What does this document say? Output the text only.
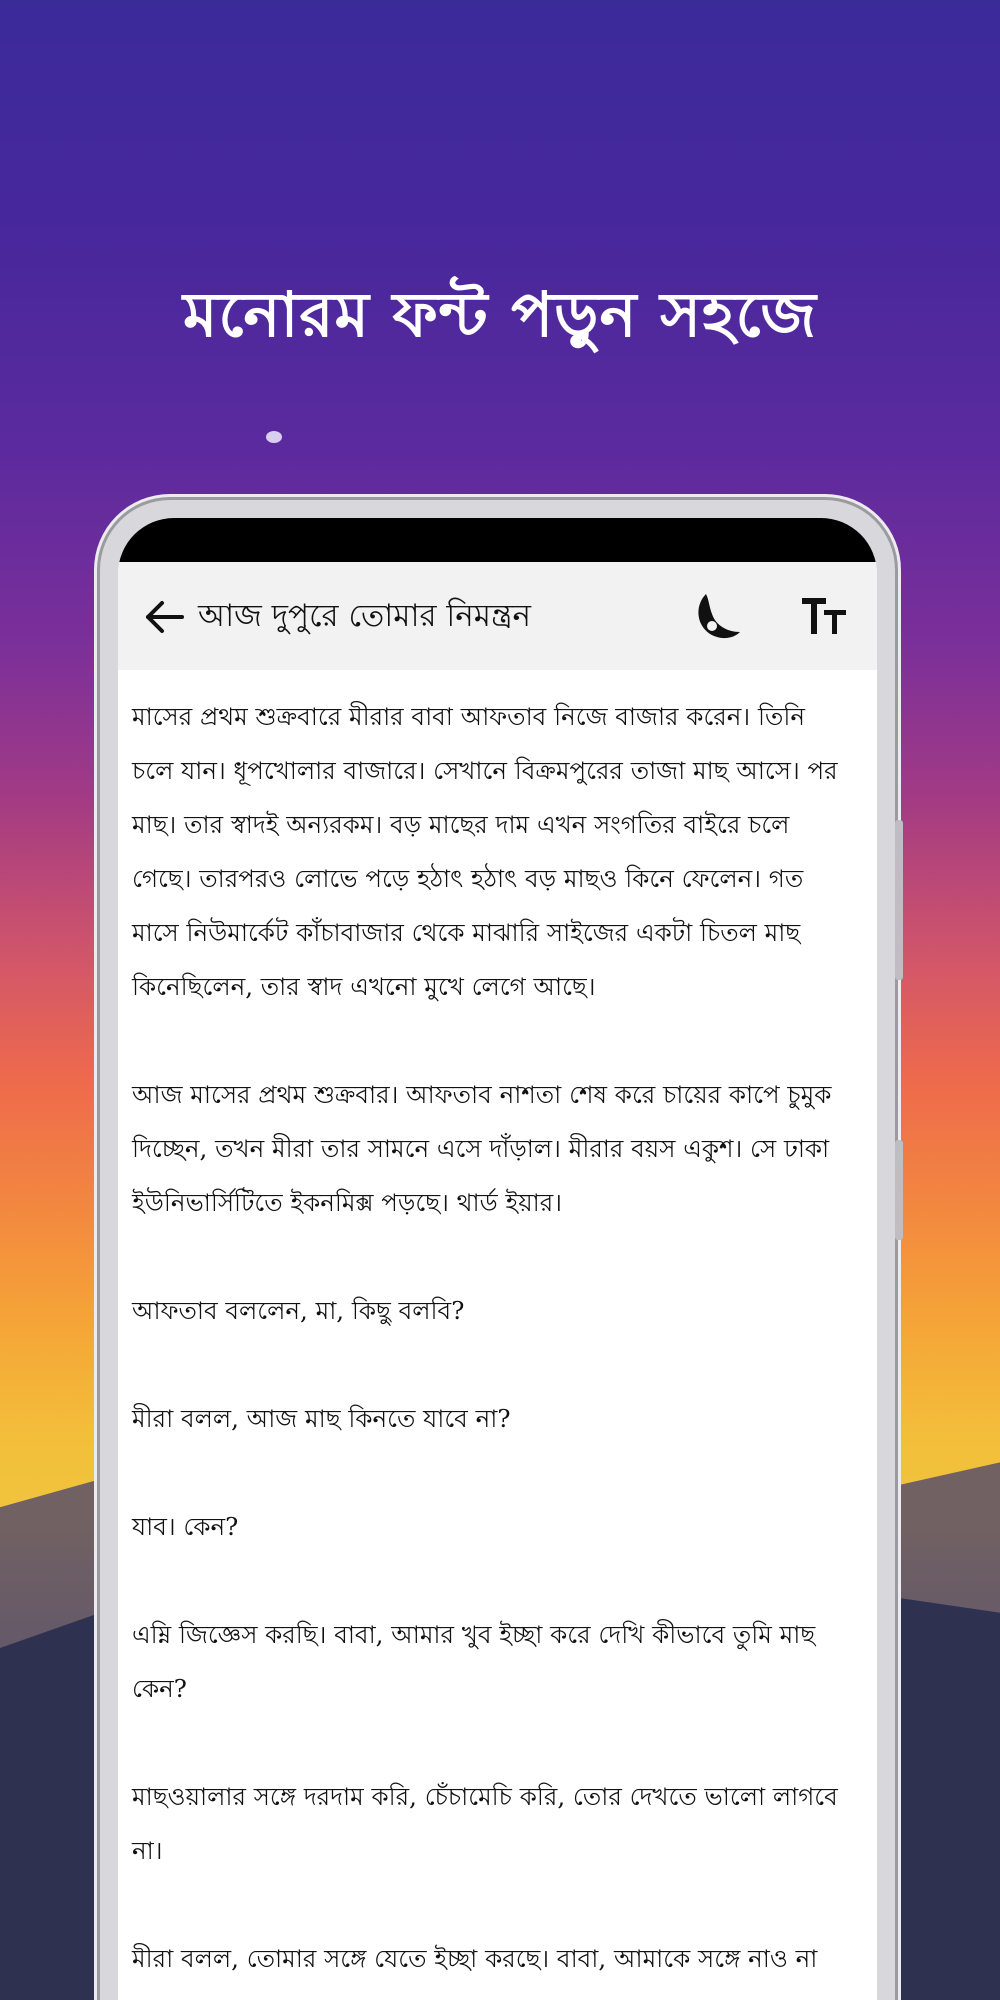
মনোরম ফন্ট পড়ুন সহজে
আজ দুপুরে তোমার নিমন্ত্রন

মাসের প্রথম শুক্রবারে মীরার বাবা আফতাব নিজে বাজার করেন। তিনি
চলে যান। ধূপখোলার বাজারে। সেখানে বিক্রমপুরের তাজা মাছ আসে। পর
মাছ। তার স্বাদই অন্যরকম। বড় মাছের দাম এখন সংগতির বাইরে চলে
গেছে। তারপরও লোভে পড়ে হঠাৎ হঠাৎ বড় মাছও কিনে ফেলেন। গত
মাসে নিউমার্কেট কাঁচাবাজার থেকে মাঝারি সাইজের একটা চিতল মাছ
কিনেছিলেন, তার স্বাদ এখনো মুখে লেগে আছে।

আজ মাসের প্রথম শুক্রবার। আফতাব নাশতা শেষ করে চায়ের কাপে চুমুক
দিচ্ছেন, তখন মীরা তার সামনে এসে দাঁড়াল। মীরার বয়স একুশ। সে ঢাকা
ইউনিভার্সিটিতে ইকনমিক্স পড়ছে। থার্ড ইয়ার।

আফতাব বললেন, মা, কিছু বলবি?

মীরা বলল, আজ মাছ কিনতে যাবে না?

যাব। কেন?

এম্নি জিজ্ঞেস করছি। বাবা, আমার খুব ইচ্ছা করে দেখি কীভাবে তুমি মাছ
কেন?

মাছওয়ালার সঙ্গে দরদাম করি, চেঁচামেচি করি, তোর দেখতে ভালো লাগবে
না।

মীরা বলল, তোমার সঙ্গে যেতে ইচ্ছা করছে। বাবা, আমাকে সঙ্গে নাও না
